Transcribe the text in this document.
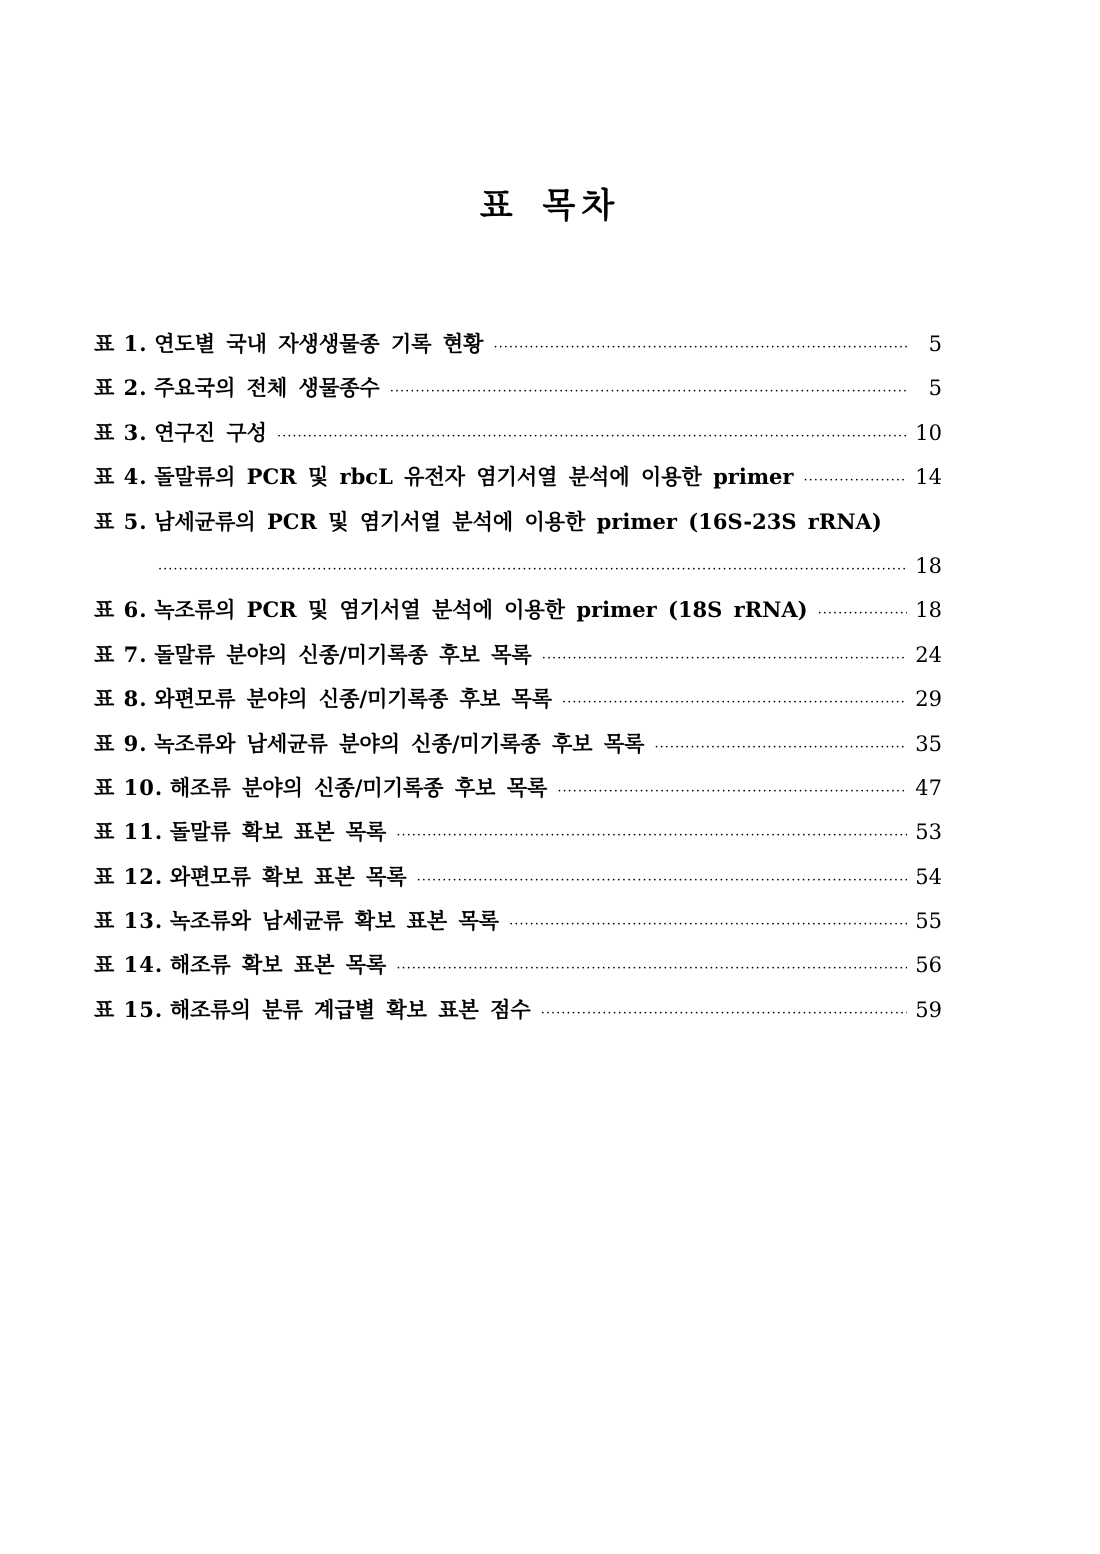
표 목차
표 1.
연도별 국내 자생생물종 기록 현황 ·····	5
표 2.
주요국의 전체 생물종수 ·····	5
표 3.
연구진 구성 ·····	10
표 4.
돌말류의 PCR 및 rbcL 유전자 염기서열 분석에 이용한 primer ·····	14
표 5.
남세균류의 PCR 및 염기서열 분석에 이용한 primer (16S-23S rRNA)
·····
18
표 6.
녹조류의 PCR 및 염기서열 분석에 이용한 primer (18S rRNA) ·····	18
표 7.
돌말류 분야의 신종/미기록종 후보 목록 ·····	24
표 8.
와편모류 분야의 신종/미기록종 후보 목록 ·····	29
표 9.
녹조류와 남세균류 분야의 신종/미기록종 후보 목록 ·····	35
표 10.
해조류 분야의 신종/미기록종 후보 목록 ·····	47
표 11.
돌말류 확보 표본 목록 ·····	53
표 12.
와편모류 확보 표본 목록 ·····	54
표 13.
녹조류와 남세균류 확보 표본 목록 ·····	55
표 14.
해조류 확보 표본 목록 ·····	56
표 15.
해조류의 분류 계급별 확보 표본 점수 ·····	59
